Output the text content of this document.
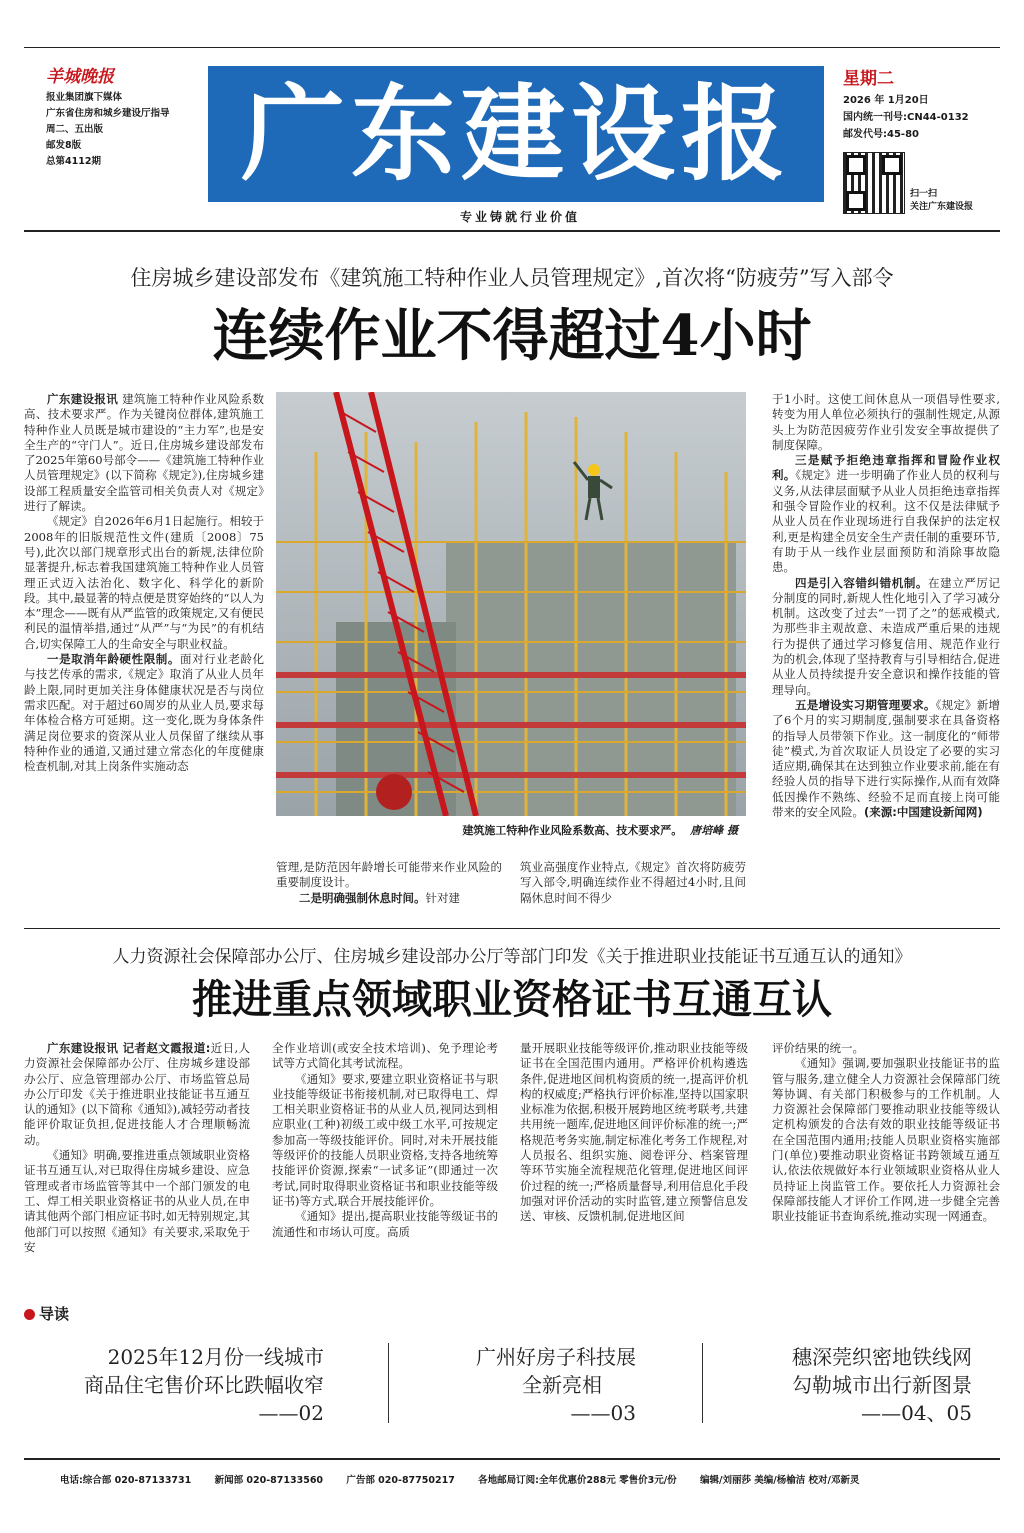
羊城晚报
报业集团旗下媒体
广东省住房和城乡建设厅指导
周二、五出版
邮发8版
总第4112期	广东建设报
专业铸就行业价值
星期二
2026 年 1月20日
国内统一刊号:CN44-0132
邮发代号:45-80
扫一扫
关注广东建设报
住房城乡建设部发布《建筑施工特种作业人员管理规定》,首次将“防疲劳”写入部令
连续作业不得超过4小时

广东建设报讯 建筑施工特种作业风险系数高、技术要求严。作为关键岗位群体,建筑施工特种作业人员既是城市建设的“主力军”,也是安全生产的“守门人”。近日,住房城乡建设部发布了2025年第60号部令——《建筑施工特种作业人员管理规定》(以下简称《规定》),住房城乡建设部工程质量安全监管司相关负责人对《规定》进行了解读。

《规定》自2026年6月1日起施行。相较于2008年的旧版规范性文件(建质〔2008〕75号),此次以部门规章形式出台的新规,法律位阶显著提升,标志着我国建筑施工特种作业人员管理正式迈入法治化、数字化、科学化的新阶段。其中,最显著的特点便是贯穿始终的“以人为本”理念——既有从严监管的政策规定,又有便民利民的温情举措,通过“从严”与“为民”的有机结合,切实保障工人的生命安全与职业权益。

一是取消年龄硬性限制。面对行业老龄化与技艺传承的需求,《规定》取消了从业人员年龄上限,同时更加关注身体健康状况是否与岗位需求匹配。对于超过60周岁的从业人员,要求每年体检合格方可延期。这一变化,既为身体条件满足岗位要求的资深从业人员保留了继续从事特种作业的通道,又通过建立常态化的年度健康检查机制,对其上岗条件实施动态

建筑施工特种作业风险系数高、技术要求严。 唐培峰 摄

管理,是防范因年龄增长可能带来作业风险的重要制度设计。

二是明确强制休息时间。针对建

筑业高强度作业特点,《规定》首次将防疲劳写入部令,明确连续作业不得超过4小时,且间隔休息时间不得少

于1小时。这使工间休息从一项倡导性要求,转变为用人单位必须执行的强制性规定,从源头上为防范因疲劳作业引发安全事故提供了制度保障。

三是赋予拒绝违章指挥和冒险作业权利。《规定》进一步明确了作业人员的权利与义务,从法律层面赋予从业人员拒绝违章指挥和强令冒险作业的权利。这不仅是法律赋予从业人员在作业现场进行自我保护的法定权利,更是构建全员安全生产责任制的重要环节,有助于从一线作业层面预防和消除事故隐患。

四是引入容错纠错机制。在建立严厉记分制度的同时,新规人性化地引入了学习减分机制。这改变了过去“一罚了之”的惩戒模式,为那些非主观故意、未造成严重后果的违规行为提供了通过学习修复信用、规范作业行为的机会,体现了坚持教育与引导相结合,促进从业人员持续提升安全意识和操作技能的管理导向。

五是增设实习期管理要求。《规定》新增了6个月的实习期制度,强制要求在具备资格的指导人员带领下作业。这一制度化的“师带徒”模式,为首次取证人员设定了必要的实习适应期,确保其在达到独立作业要求前,能在有经验人员的指导下进行实际操作,从而有效降低因操作不熟练、经验不足而直接上岗可能带来的安全风险。(来源:中国建设新闻网)

人力资源社会保障部办公厅、住房城乡建设部办公厅等部门印发《关于推进职业技能证书互通互认的通知》
推进重点领域职业资格证书互通互认

广东建设报讯 记者赵文霞报道:近日,人力资源社会保障部办公厅、住房城乡建设部办公厅、应急管理部办公厅、市场监管总局办公厅印发《关于推进职业技能证书互通互认的通知》(以下简称《通知》),减轻劳动者技能评价取证负担,促进技能人才合理顺畅流动。

《通知》明确,要推进重点领域职业资格证书互通互认,对已取得住房城乡建设、应急管理或者市场监管等其中一个部门颁发的电工、焊工相关职业资格证书的从业人员,在申请其他两个部门相应证书时,如无特别规定,其他部门可以按照《通知》有关要求,采取免于安

全作业培训(或安全技术培训)、免予理论考试等方式简化其考试流程。

《通知》要求,要建立职业资格证书与职业技能等级证书衔接机制,对已取得电工、焊工相关职业资格证书的从业人员,视同达到相应职业(工种)初级工或中级工水平,可按规定参加高一等级技能评价。同时,对未开展技能等级评价的技能人员职业资格,支持各地统筹技能评价资源,探索“一试多证”(即通过一次考试,同时取得职业资格证书和职业技能等级证书)等方式,联合开展技能评价。

《通知》提出,提高职业技能等级证书的流通性和市场认可度。高质

量开展职业技能等级评价,推动职业技能等级证书在全国范围内通用。严格评价机构遴选条件,促进地区间机构资质的统一,提高评价机构的权威度;严格执行评价标准,坚持以国家职业标准为依据,积极开展跨地区统考联考,共建共用统一题库,促进地区间评价标准的统一;严格规范考务实施,制定标准化考务工作规程,对人员报名、组织实施、阅卷评分、档案管理等环节实施全流程规范化管理,促进地区间评价过程的统一;严格质量督导,利用信息化手段加强对评价活动的实时监管,建立预警信息发送、审核、反馈机制,促进地区间

评价结果的统一。

《通知》强调,要加强职业技能证书的监管与服务,建立健全人力资源社会保障部门统筹协调、有关部门积极参与的工作机制。人力资源社会保障部门要推动职业技能等级认定机构颁发的合法有效的职业技能等级证书在全国范围内通用;技能人员职业资格实施部门(单位)要推动职业资格证书跨领域互通互认,依法依规做好本行业领域职业资格从业人员持证上岗监管工作。要依托人力资源社会保障部技能人才评价工作网,进一步健全完善职业技能证书查询系统,推动实现一网通查。

导读
2025年12月份一线城市
商品住宅售价环比跌幅收窄
——02
广州好房子科技展
全新亮相
——03
穗深莞织密地铁线网
勾勒城市出行新图景
——04、05
电话:综合部 020-87133731 新闻部 020-87133560 广告部 020-87750217 各地邮局订阅:全年优惠价288元 零售价3元/份 编辑/刘丽莎 美编/杨榆洁 校对/邓新灵
